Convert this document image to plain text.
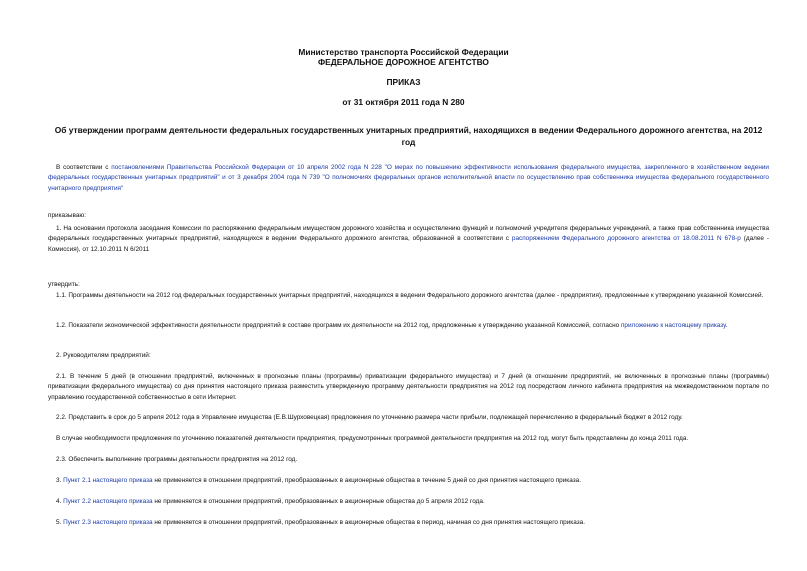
Министерство транспорта Российской Федерации
ФЕДЕРАЛЬНОЕ ДОРОЖНОЕ АГЕНТСТВО
ПРИКАЗ
от 31 октября 2011 года N 280
Об утверждении программ деятельности федеральных государственных унитарных предприятий, находящихся в ведении Федерального дорожного агентства, на 2012 год

В соответствии с постановлениями Правительства Российской Федерации от 10 апреля 2002 года N 228 "О мерах по повышению эффективности использования федерального имущества, закрепленного в хозяйственном ведении федеральных государственных унитарных предприятий" и от 3 декабря 2004 года N 739 "О полномочиях федеральных органов исполнительной власти по осуществлению прав собственника имущества федерального государственного унитарного предприятия"

приказываю:

1. На основании протокола заседания Комиссии по распоряжению федеральным имуществом дорожного хозяйства и осуществлению функций и полномочий учредителя федеральных учреждений, а также прав собственника имущества федеральных государственных унитарных предприятий, находящихся в ведении Федерального дорожного агентства, образованной в соответствии с распоряжением Федерального дорожного агентства от 18.08.2011 N 678-р (далее - Комиссия), от 12.10.2011 N 6/2011

утвердить:

1.1. Программы деятельности на 2012 год федеральных государственных унитарных предприятий, находящихся в ведении Федерального дорожного агентства (далее - предприятия), предложенные к утверждению указанной Комиссией.

1.2. Показатели экономической эффективности деятельности предприятий в составе программ их деятельности на 2012 год, предложенные к утверждению указанной Комиссией, согласно приложению к настоящему приказу.

2. Руководителям предприятий:

2.1. В течение 5 дней (в отношении предприятий, включенных в прогнозные планы (программы) приватизации федерального имущества) и 7 дней (в отношении предприятий, не включенных в прогнозные планы (программы) приватизации федерального имущества) со дня принятия настоящего приказа разместить утвержденную программу деятельности предприятия на 2012 год посредством личного кабинета предприятия на межведомственном портале по управлению государственной собственностью в сети Интернет.

2.2. Представить в срок до 5 апреля 2012 года в Управление имущества (Е.В.Шурховецкая) предложения по уточнению размера части прибыли, подлежащей перечислению в федеральный бюджет в 2012 году.

В случае необходимости предложения по уточнению показателей деятельности предприятия, предусмотренных программой деятельности предприятия на 2012 год, могут быть представлены до конца 2011 года.

2.3. Обеспечить выполнение программы деятельности предприятия на 2012 год.

3. Пункт 2.1 настоящего приказа не применяется в отношении предприятий, преобразованных в акционерные общества в течение 5 дней со дня принятия настоящего приказа.

4. Пункт 2.2 настоящего приказа не применяется в отношении предприятий, преобразованных в акционерные общества до 5 апреля 2012 года.

5. Пункт 2.3 настоящего приказа не применяется в отношении предприятий, преобразованных в акционерные общества в период, начиная со дня принятия настоящего приказа.
